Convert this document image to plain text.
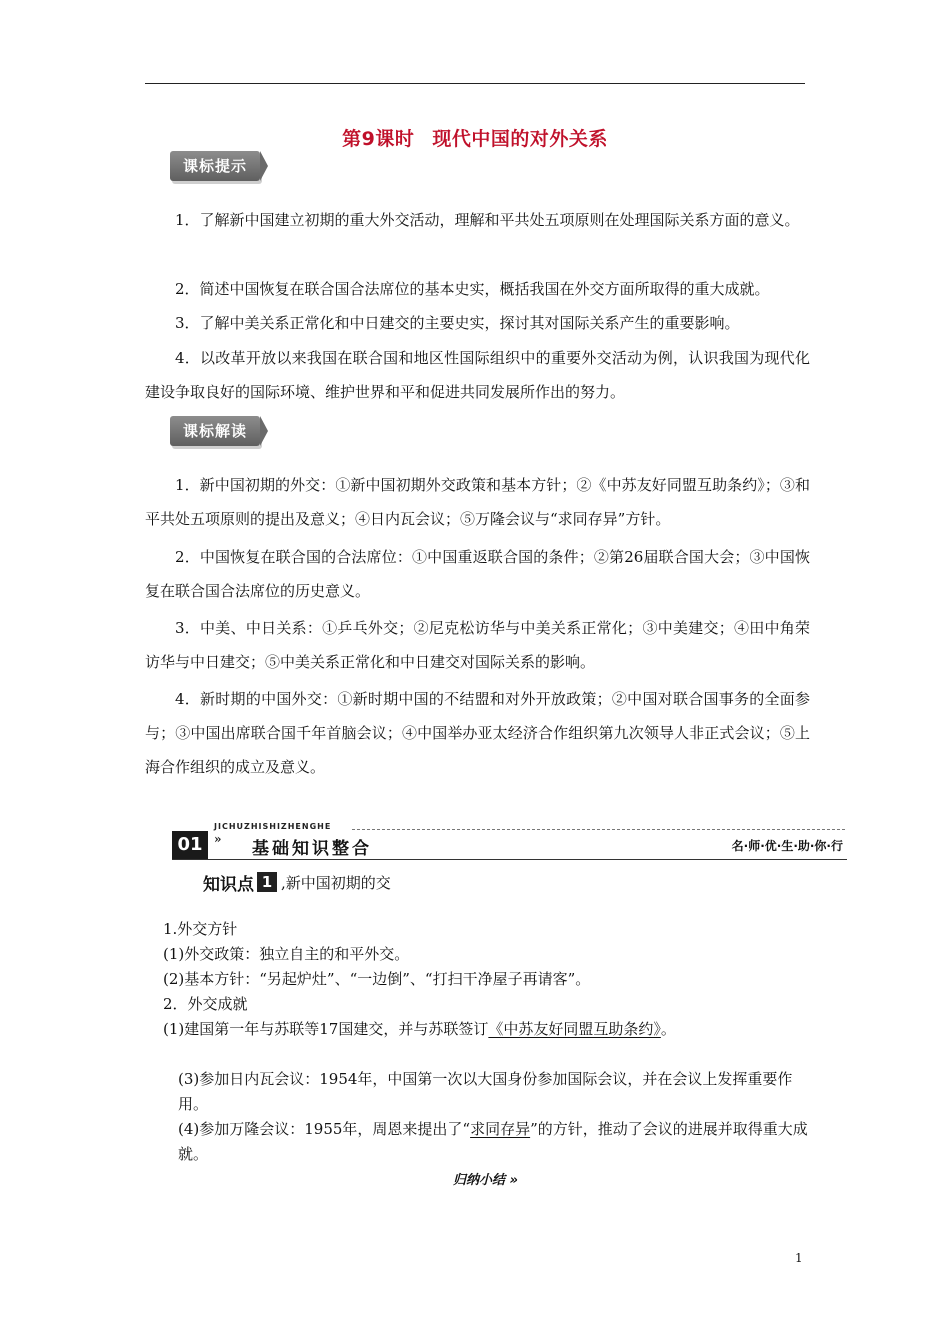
第9课时 现代中国的对外关系
课标提示
1．了解新中国建立初期的重大外交活动，理解和平共处五项原则在处理国际关系方面的意义。
2．简述中国恢复在联合国合法席位的基本史实，概括我国在外交方面所取得的重大成就。
3．了解中美关系正常化和中日建交的主要史实，探讨其对国际关系产生的重要影响。
4．以改革开放以来我国在联合国和地区性国际组织中的重要外交活动为例，认识我国为现代化建设争取良好的国际环境、维护世界和平和促进共同发展所作出的努力。
课标解读
1．新中国初期的外交：①新中国初期外交政策和基本方针；②《中苏友好同盟互助条约》；③和平共处五项原则的提出及意义；④日内瓦会议；⑤万隆会议与“求同存异”方针。
2．中国恢复在联合国的合法席位：①中国重返联合国的条件；②第26届联合国大会；③中国恢复在联合国合法席位的历史意义。
3．中美、中日关系：①乒乓外交；②尼克松访华与中美关系正常化；③中美建交；④田中角荣访华与中日建交；⑤中美关系正常化和中日建交对国际关系的影响。
4．新时期的中国外交：①新时期中国的不结盟和对外开放政策；②中国对联合国事务的全面参与；③中国出席联合国千年首脑会议；④中国举办亚太经济合作组织第九次领导人非正式会议；⑤上海合作组织的成立及意义。
JICHUZHISHIZHENGHE
01 » 基础知识整合	名·师·优·生·助·你·行
知识点 1 ,新中国初期的交
1.外交方针
(1)外交政策：独立自主的和平外交。
(2)基本方针：“另起炉灶”、“一边倒”、“打扫干净屋子再请客”。
2．外交成就
(1)建国第一年与苏联等17国建交，并与苏联签订《中苏友好同盟互助条约》。
(3)参加日内瓦会议：1954年，中国第一次以大国身份参加国际会议，并在会议上发挥重要作用。
(4)参加万隆会议：1955年，周恩来提出了“求同存异”的方针，推动了会议的进展并取得重大成就。
归纳小结 »
1
